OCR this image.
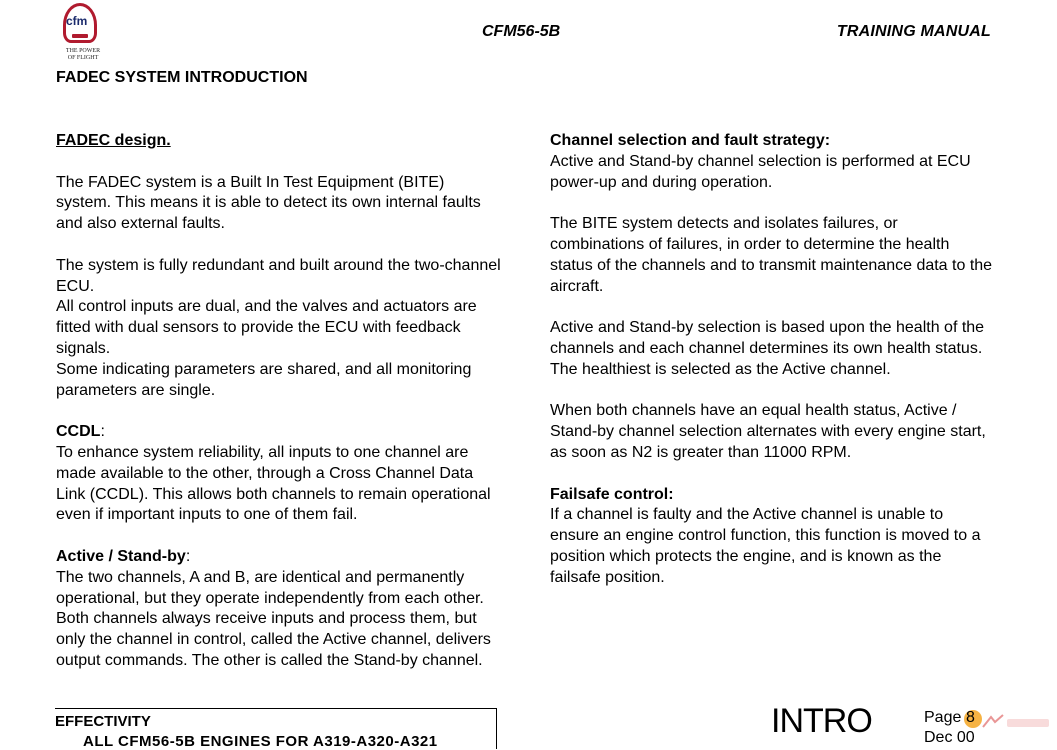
cfm
THE POWER
OF FLIGHT
CFM56-5B	TRAINING MANUAL
FADEC SYSTEM INTRODUCTION

FADEC design.

The FADEC system is a Built In Test Equipment (BITE) system. This means it is able to detect its own internal faults and also external faults.

The system is fully redundant and built around the two-channel ECU.

All control inputs are dual, and the valves and actuators are fitted with dual sensors to provide the ECU with feedback signals.

Some indicating parameters are shared, and all monitoring parameters are single.

CCDL:

To enhance system reliability, all inputs to one channel are made available to the other, through a Cross Channel Data Link (CCDL). This allows both channels to remain operational even if important inputs to one of them fail.

Active / Stand-by:

The two channels, A and B, are identical and permanently operational, but they operate independently from each other. Both channels always receive inputs and process them, but only the channel in control, called the Active channel, delivers output commands. The other is called the Stand-by channel.

Channel selection and fault strategy:

Active and Stand-by channel selection is performed at ECU power-up and during operation.

The BITE system detects and isolates failures, or combinations of failures, in order to determine the health status of the channels and to transmit maintenance data to the aircraft.

Active and Stand-by selection is based upon the health of the channels and each channel determines its own health status. The healthiest is selected as the Active channel.

When both channels have an equal health status, Active / Stand-by channel selection alternates with every engine start, as soon as N2 is greater than 11000 RPM.

Failsafe control:

If a channel is faulty and the Active channel is unable to ensure an engine control function, this function is moved to a position which protects the engine, and is known as the failsafe position.

EFFECTIVITY
ALL CFM56-5B ENGINES FOR A319-A320-A321
INTRO	Page 8
Dec 00
